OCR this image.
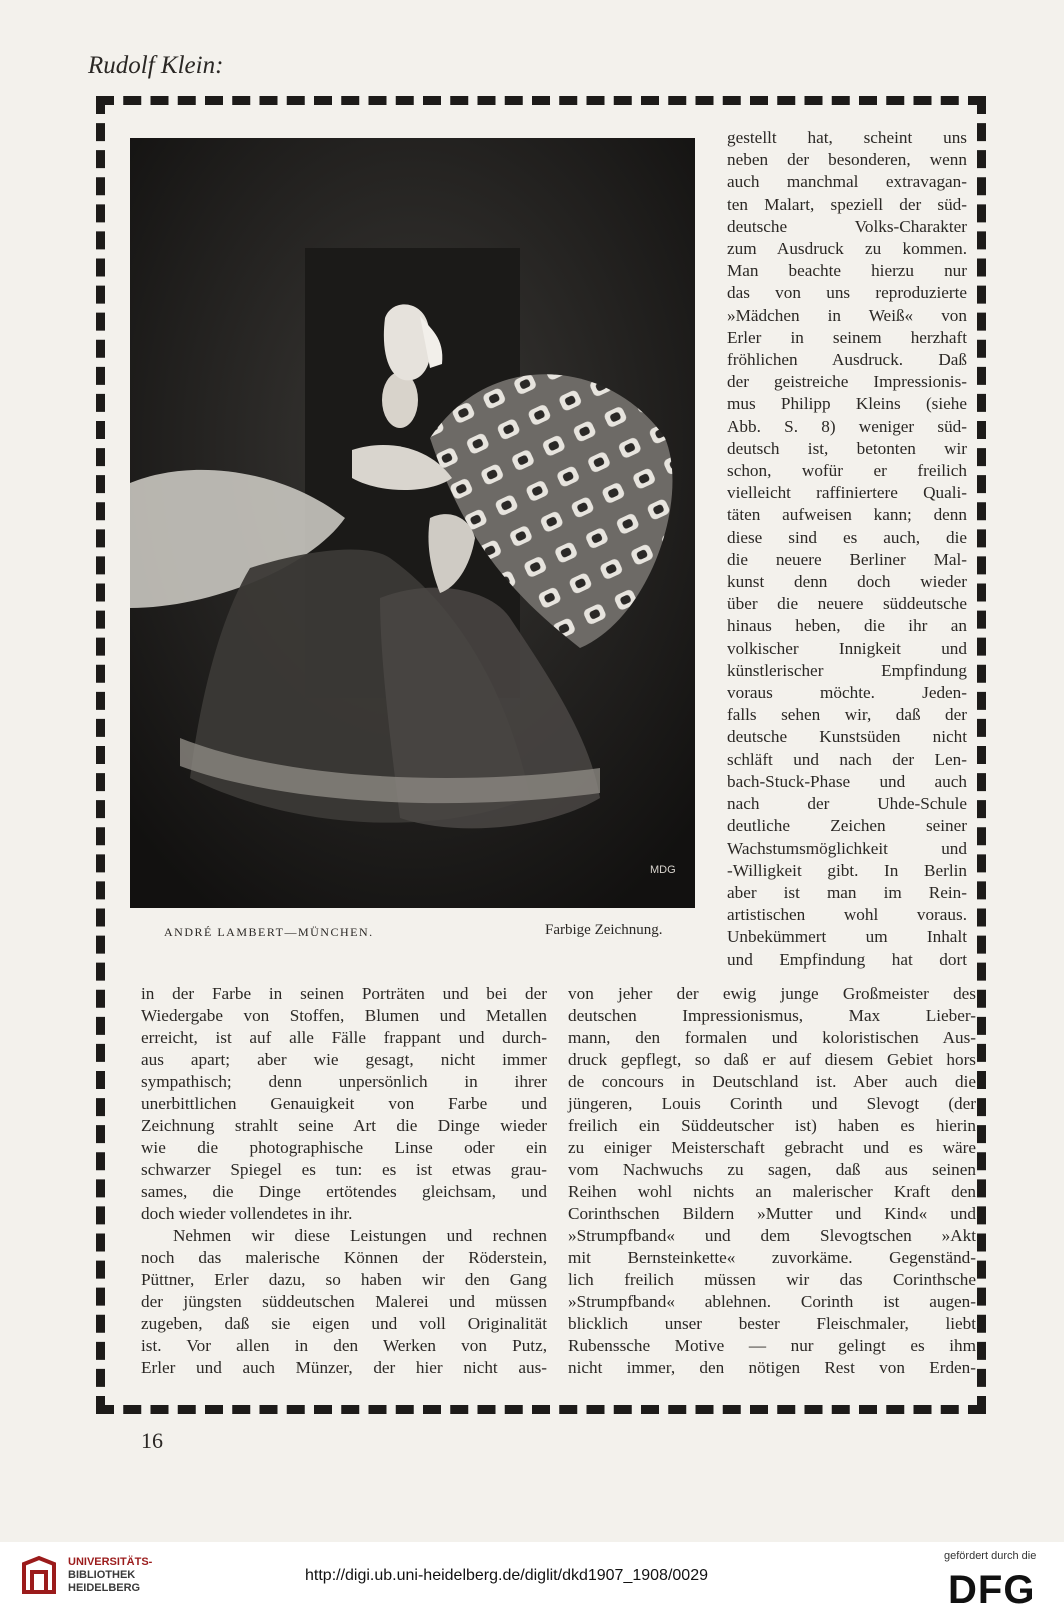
Rudolf Klein:
MDG
ANDRÉ LAMBERT—MÜNCHEN.	Farbige Zeichnung.

gestellt hat, scheint uns

neben der besonderen, wenn

auch manchmal extravagan-

ten Malart, speziell der süd-

deutsche Volks-Charakter

zum Ausdruck zu kommen.

Man beachte hierzu nur

das von uns reproduzierte

»Mädchen in Weiß« von

Erler in seinem herzhaft

fröhlichen Ausdruck. Daß

der geistreiche Impressionis-

mus Philipp Kleins (siehe

Abb. S. 8) weniger süd-

deutsch ist, betonten wir

schon, wofür er freilich

vielleicht raffiniertere Quali-

täten aufweisen kann; denn

diese sind es auch, die

die neuere Berliner Mal-

kunst denn doch wieder

über die neuere süddeutsche

hinaus heben, die ihr an

volkischer Innigkeit und

künstlerischer Empfindung

voraus möchte. Jeden-

falls sehen wir, daß der

deutsche Kunstsüden nicht

schläft und nach der Len-

bach-Stuck-Phase und auch

nach der Uhde-Schule

deutliche Zeichen seiner

Wachstumsmöglichkeit und

-Willigkeit gibt. In Berlin

aber ist man im Rein-

artistischen wohl voraus.

Unbekümmert um Inhalt

und Empfindung hat dort

in der Farbe in seinen Porträten und bei der

Wiedergabe von Stoffen, Blumen und Metallen

erreicht, ist auf alle Fälle frappant und durch-

aus apart; aber wie gesagt, nicht immer

sympathisch; denn unpersönlich in ihrer

unerbittlichen Genauigkeit von Farbe und

Zeichnung strahlt seine Art die Dinge wieder

wie die photographische Linse oder ein

schwarzer Spiegel es tun: es ist etwas grau-

sames, die Dinge ertötendes gleichsam, und

doch wieder vollendetes in ihr.

Nehmen wir diese Leistungen und rechnen

noch das malerische Können der Röderstein,

Püttner, Erler dazu, so haben wir den Gang

der jüngsten süddeutschen Malerei und müssen

zugeben, daß sie eigen und voll Originalität

ist. Vor allen in den Werken von Putz,

Erler und auch Münzer, der hier nicht aus-

von jeher der ewig junge Großmeister des

deutschen Impressionismus, Max Lieber-

mann, den formalen und koloristischen Aus-

druck gepflegt, so daß er auf diesem Gebiet hors

de concours in Deutschland ist. Aber auch die

jüngeren, Louis Corinth und Slevogt (der

freilich ein Süddeutscher ist) haben es hierin

zu einiger Meisterschaft gebracht und es wäre

vom Nachwuchs zu sagen, daß aus seinen

Reihen wohl nichts an malerischer Kraft den

Corinthschen Bildern »Mutter und Kind« und

»Strumpfband« und dem Slevogtschen »Akt

mit Bernsteinkette« zuvorkäme. Gegenständ-

lich freilich müssen wir das Corinthsche

»Strumpfband« ablehnen. Corinth ist augen-

blicklich unser bester Fleischmaler, liebt

Rubenssche Motive — nur gelingt es ihm

nicht immer, den nötigen Rest von Erden-

16
UNIVERSITÄTS-
BIBLIOTHEK
HEIDELBERG
http://digi.ub.uni-heidelberg.de/diglit/dkd1907_1908/0029
gefördert durch die
DFG
